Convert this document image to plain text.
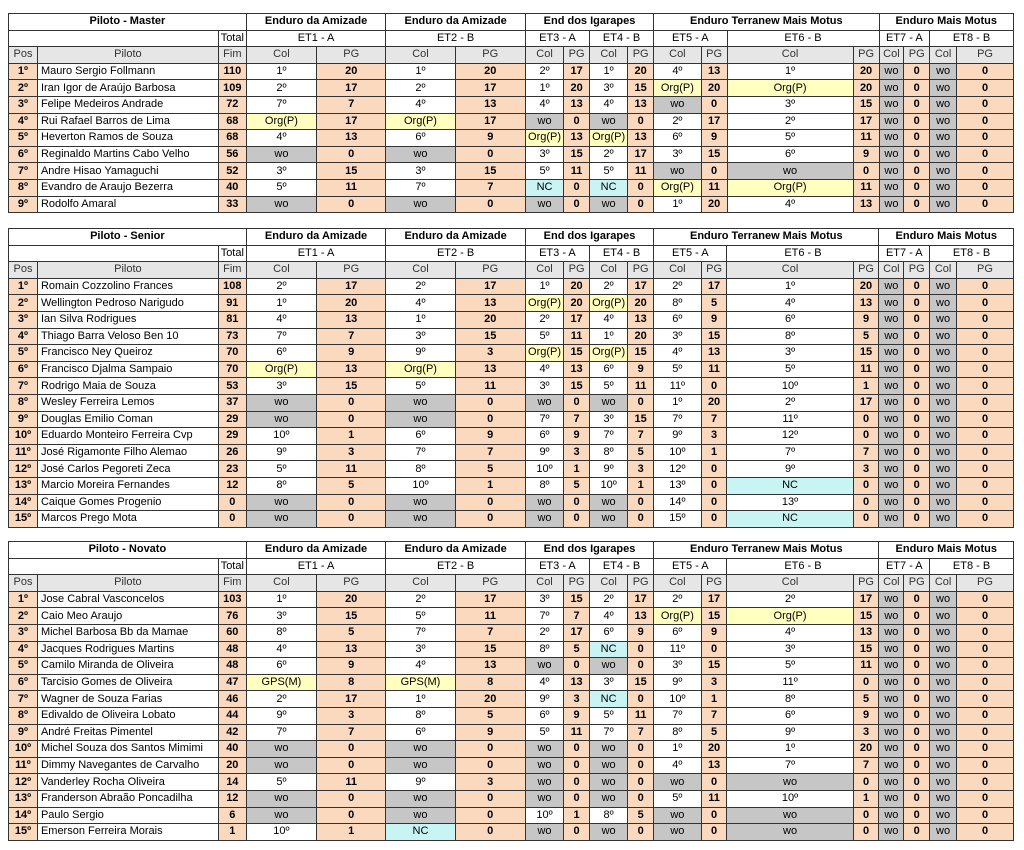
Piloto - Master			Enduro da Amizade		Enduro da Amizade		End dos Igarapes				Enduro Terranew Mais Motus				Enduro Mais Motus			
		Total	ET1 - A		ET2 - B		ET3 - A		ET4 - B		ET5 - A		ET6 - B		ET7 - A		ET8 - B	
Pos	Piloto	Fim	Col	PG	Col	PG	Col	PG	Col	PG	Col	PG	Col	PG	Col	PG	Col	PG
1º	Mauro Sergio Follmann	110	1º	20	1º	20	2º	17	1º	20	4º	13	1º	20	wo	0	wo	0
2º	Iran Igor de Araújo Barbosa	109	2º	17	2º	17	1º	20	3º	15	Org(P)	20	Org(P)	20	wo	0	wo	0
3º	Felipe Medeiros Andrade	72	7º	7	4º	13	4º	13	4º	13	wo	0	3º	15	wo	0	wo	0
4º	Rui Rafael Barros de Lima	68	Org(P)	17	Org(P)	17	wo	0	wo	0	2º	17	2º	17	wo	0	wo	0
5º	Heverton Ramos de Souza	68	4º	13	6º	9	Org(P)	13	Org(P)	13	6º	9	5º	11	wo	0	wo	0
6º	Reginaldo Martins Cabo Velho	56	wo	0	wo	0	3º	15	2º	17	3º	15	6º	9	wo	0	wo	0
7º	Andre Hisao Yamaguchi	52	3º	15	3º	15	5º	11	5º	11	wo	0	wo	0	wo	0	wo	0
8º	Evandro de Araujo Bezerra	40	5º	11	7º	7	NC	0	NC	0	Org(P)	11	Org(P)	11	wo	0	wo	0
9º	Rodolfo Amaral	33	wo	0	wo	0	wo	0	wo	0	1º	20	4º	13	wo	0	wo	0
Piloto - Senior			Enduro da Amizade		Enduro da Amizade		End dos Igarapes				Enduro Terranew Mais Motus				Enduro Mais Motus			
		Total	ET1 - A		ET2 - B		ET3 - A		ET4 - B		ET5 - A		ET6 - B		ET7 - A		ET8 - B	
Pos	Piloto	Fim	Col	PG	Col	PG	Col	PG	Col	PG	Col	PG	Col	PG	Col	PG	Col	PG
1º	Romain Cozzolino Frances	108	2º	17	2º	17	1º	20	2º	17	2º	17	1º	20	wo	0	wo	0
2º	Wellington Pedroso Narigudo	91	1º	20	4º	13	Org(P)	20	Org(P)	20	8º	5	4º	13	wo	0	wo	0
3º	Ian Silva Rodrigues	81	4º	13	1º	20	2º	17	4º	13	6º	9	6º	9	wo	0	wo	0
4º	Thiago Barra Veloso Ben 10	73	7º	7	3º	15	5º	11	1º	20	3º	15	8º	5	wo	0	wo	0
5º	Francisco Ney Queiroz	70	6º	9	9º	3	Org(P)	15	Org(P)	15	4º	13	3º	15	wo	0	wo	0
6º	Francisco Djalma Sampaio	70	Org(P)	13	Org(P)	13	4º	13	6º	9	5º	11	5º	11	wo	0	wo	0
7º	Rodrigo Maia de Souza	53	3º	15	5º	11	3º	15	5º	11	11º	0	10º	1	wo	0	wo	0
8º	Wesley Ferreira Lemos	37	wo	0	wo	0	wo	0	wo	0	1º	20	2º	17	wo	0	wo	0
9º	Douglas Emilio Coman	29	wo	0	wo	0	7º	7	3º	15	7º	7	11º	0	wo	0	wo	0
10º	Eduardo Monteiro Ferreira Cvp	29	10º	1	6º	9	6º	9	7º	7	9º	3	12º	0	wo	0	wo	0
11º	José Rigamonte Filho Alemao	26	9º	3	7º	7	9º	3	8º	5	10º	1	7º	7	wo	0	wo	0
12º	José Carlos Pegoreti Zeca	23	5º	11	8º	5	10º	1	9º	3	12º	0	9º	3	wo	0	wo	0
13º	Marcio Moreira Fernandes	12	8º	5	10º	1	8º	5	10º	1	13º	0	NC	0	wo	0	wo	0
14º	Caique Gomes Progenio	0	wo	0	wo	0	wo	0	wo	0	14º	0	13º	0	wo	0	wo	0
15º	Marcos Prego Mota	0	wo	0	wo	0	wo	0	wo	0	15º	0	NC	0	wo	0	wo	0
Piloto - Novato			Enduro da Amizade		Enduro da Amizade		End dos Igarapes				Enduro Terranew Mais Motus				Enduro Mais Motus			
		Total	ET1 - A		ET2 - B		ET3 - A		ET4 - B		ET5 - A		ET6 - B		ET7 - A		ET8 - B	
Pos	Piloto	Fim	Col	PG	Col	PG	Col	PG	Col	PG	Col	PG	Col	PG	Col	PG	Col	PG
1º	Jose Cabral Vasconcelos	103	1º	20	2º	17	3º	15	2º	17	2º	17	2º	17	wo	0	wo	0
2º	Caio Meo Araujo	76	3º	15	5º	11	7º	7	4º	13	Org(P)	15	Org(P)	15	wo	0	wo	0
3º	Michel Barbosa Bb da Mamae	60	8º	5	7º	7	2º	17	6º	9	6º	9	4º	13	wo	0	wo	0
4º	Jacques Rodrigues Martins	48	4º	13	3º	15	8º	5	NC	0	11º	0	3º	15	wo	0	wo	0
5º	Camilo Miranda de Oliveira	48	6º	9	4º	13	wo	0	wo	0	3º	15	5º	11	wo	0	wo	0
6º	Tarcisio Gomes de Oliveira	47	GPS(M)	8	GPS(M)	8	4º	13	3º	15	9º	3	11º	0	wo	0	wo	0
7º	Wagner de Souza Farias	46	2º	17	1º	20	9º	3	NC	0	10º	1	8º	5	wo	0	wo	0
8º	Edivaldo de Oliveira Lobato	44	9º	3	8º	5	6º	9	5º	11	7º	7	6º	9	wo	0	wo	0
9º	André Freitas Pimentel	42	7º	7	6º	9	5º	11	7º	7	8º	5	9º	3	wo	0	wo	0
10º	Michel Souza dos Santos Mimimi	40	wo	0	wo	0	wo	0	wo	0	1º	20	1º	20	wo	0	wo	0
11º	Dimmy Navegantes de Carvalho	20	wo	0	wo	0	wo	0	wo	0	4º	13	7º	7	wo	0	wo	0
12º	Vanderley Rocha Oliveira	14	5º	11	9º	3	wo	0	wo	0	wo	0	wo	0	wo	0	wo	0
13º	Franderson Abraão Poncadilha	12	wo	0	wo	0	wo	0	wo	0	5º	11	10º	1	wo	0	wo	0
14º	Paulo Sergio	6	wo	0	wo	0	10º	1	8º	5	wo	0	wo	0	wo	0	wo	0
15º	Emerson Ferreira Morais	1	10º	1	NC	0	wo	0	wo	0	wo	0	wo	0	wo	0	wo	0
